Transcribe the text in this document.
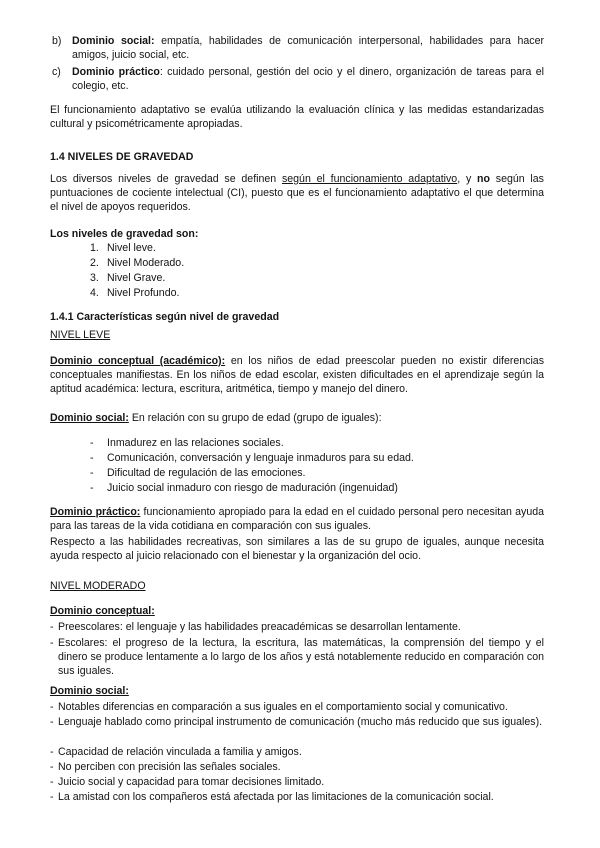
b) Dominio social: empatía, habilidades de comunicación interpersonal, habilidades para hacer amigos, juicio social, etc.
c) Dominio práctico: cuidado personal, gestión del ocio y el dinero, organización de tareas para el colegio, etc.
El funcionamiento adaptativo se evalúa utilizando la evaluación clínica y las medidas estandarizadas cultural y psicométricamente apropiadas.
1.4 NIVELES DE GRAVEDAD
Los diversos niveles de gravedad se definen según el funcionamiento adaptativo, y no según las puntuaciones de cociente intelectual (CI), puesto que es el funcionamiento adaptativo el que determina el nivel de apoyos requeridos.
Los niveles de gravedad son:
1. Nivel leve.
2. Nivel Moderado.
3. Nivel Grave.
4. Nivel Profundo.
1.4.1 Características según nivel de gravedad
NIVEL LEVE
Dominio conceptual (académico): en los niños de edad preescolar pueden no existir diferencias conceptuales manifiestas. En los niños de edad escolar, existen dificultades en el aprendizaje según la aptitud académica: lectura, escritura, aritmética, tiempo y manejo del dinero.
Dominio social: En relación con su grupo de edad (grupo de iguales):
- Inmadurez en las relaciones sociales.
- Comunicación, conversación y lenguaje inmaduros para su edad.
- Dificultad de regulación de las emociones.
- Juicio social inmaduro con riesgo de maduración (ingenuidad)
Dominio práctico: funcionamiento apropiado para la edad en el cuidado personal pero necesitan ayuda para las tareas de la vida cotidiana en comparación con sus iguales.
Respecto a las habilidades recreativas, son similares a las de su grupo de iguales, aunque necesita ayuda respecto al juicio relacionado con el bienestar y la organización del ocio.
NIVEL MODERADO
Dominio conceptual:
- Preescolares: el lenguaje y las habilidades preacadémicas se desarrollan lentamente.
- Escolares: el progreso de la lectura, la escritura, las matemáticas, la comprensión del tiempo y el dinero se produce lentamente a lo largo de los años y está notablemente reducido en comparación con sus iguales.
Dominio social:
- Notables diferencias en comparación a sus iguales en el comportamiento social y comunicativo.
- Lenguaje hablado como principal instrumento de comunicación (mucho más reducido que sus iguales).
- Capacidad de relación vinculada a familia y amigos.
- No perciben con precisión las señales sociales.
- Juicio social y capacidad para tomar decisiones limitado.
- La amistad con los compañeros está afectada por las limitaciones de la comunicación social.
